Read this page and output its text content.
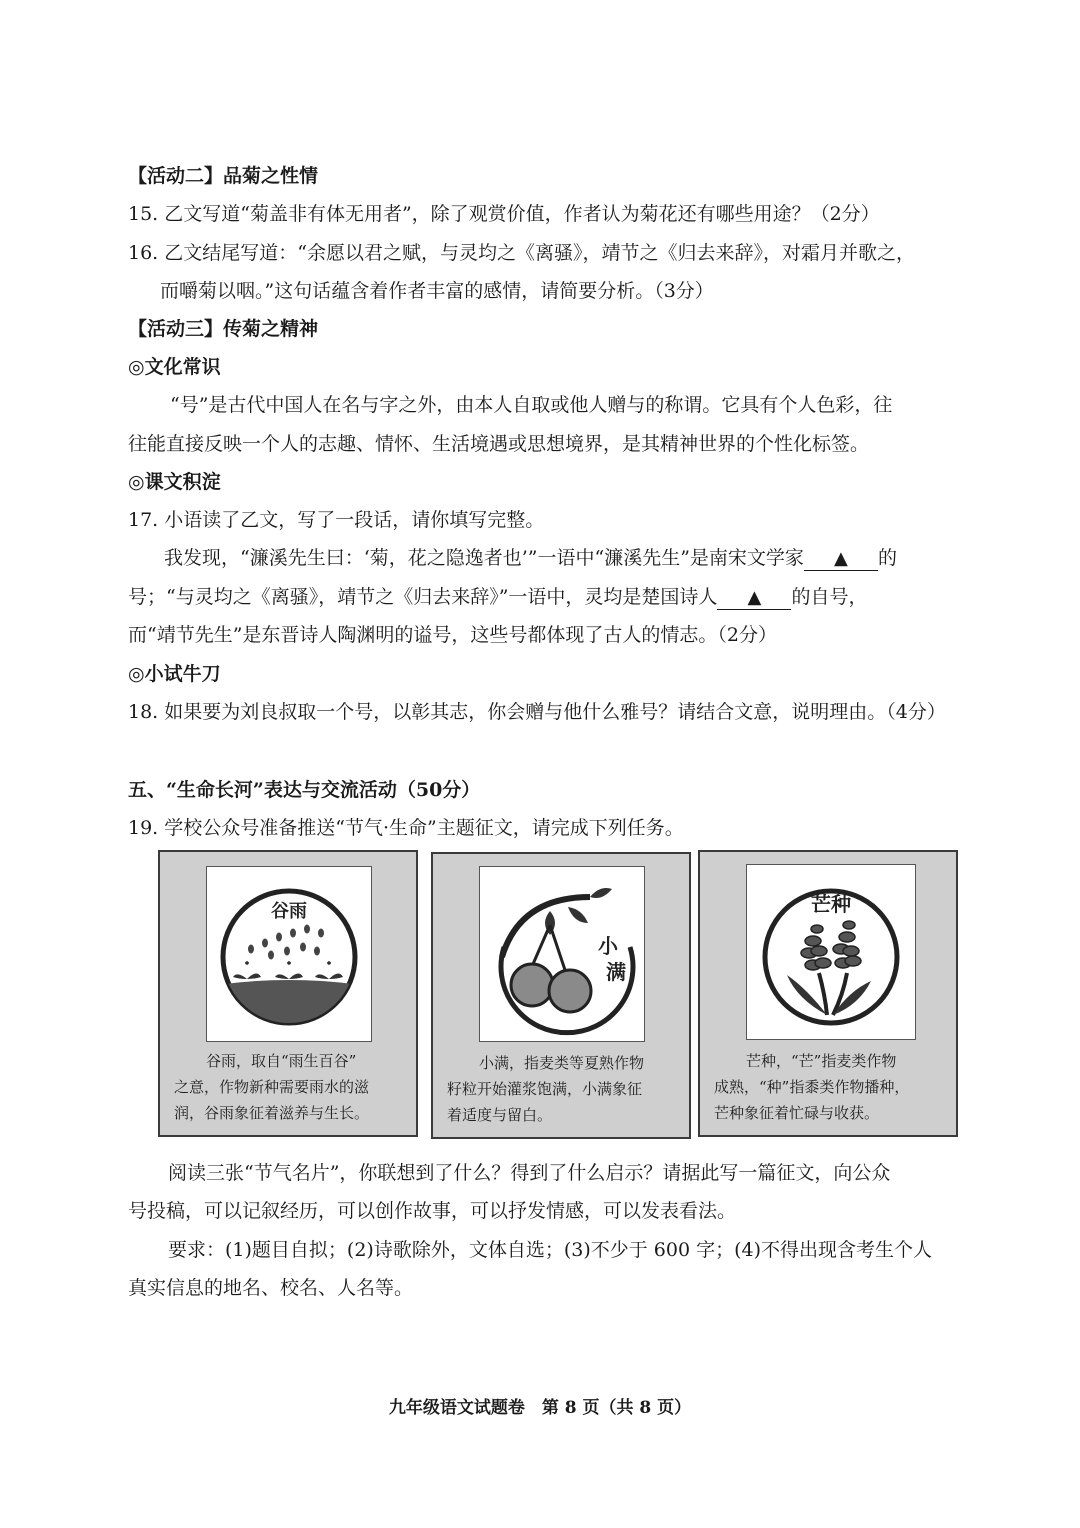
【活动二】品菊之性情
15. 乙文写道“菊盖非有体无用者”，除了观赏价值，作者认为菊花还有哪些用途？（2分）
16. 乙文结尾写道：“余愿以君之赋，与灵均之《离骚》，靖节之《归去来辞》，对霜月并歌之，
而嚼菊以咽。”这句话蕴含着作者丰富的感情，请简要分析。（3分）
【活动三】传菊之精神
◎文化常识
“号”是古代中国人在名与字之外，由本人自取或他人赠与的称谓。它具有个人色彩，往
往能直接反映一个人的志趣、情怀、生活境遇或思想境界，是其精神世界的个性化标签。
◎课文积淀
17. 小语读了乙文，写了一段话，请你填写完整。
我发现，“濂溪先生曰：‘菊，花之隐逸者也’”一语中“濂溪先生”是南宋文学家 ▲ 的
号；“与灵均之《离骚》，靖节之《归去来辞》”一语中，灵均是楚国诗人 ▲ 的自号，
而“靖节先生”是东晋诗人陶渊明的谥号，这些号都体现了古人的情志。（2分）
◎小试牛刀
18. 如果要为刘良叔取一个号，以彰其志，你会赠与他什么雅号？请结合文意，说明理由。（4分）
五、“生命长河”表达与交流活动（50分）
19. 学校公众号准备推送“节气·生命”主题征文，请完成下列任务。
谷雨
谷雨，取自“雨生百谷”
之意，作物新种需要雨水的滋
润，谷雨象征着滋养与生长。
小
满
小满，指麦类等夏熟作物
籽粒开始灌浆饱满，小满象征
着适度与留白。
芒种
芒种，“芒”指麦类作物
成熟，“种”指黍类作物播种，
芒种象征着忙碌与收获。
阅读三张“节气名片”，你联想到了什么？得到了什么启示？请据此写一篇征文，向公众
号投稿，可以记叙经历，可以创作故事，可以抒发情感，可以发表看法。
要求：(1)题目自拟；(2)诗歌除外，文体自选；(3)不少于 600 字；(4)不得出现含考生个人
真实信息的地名、校名、人名等。
九年级语文试题卷　第 8 页（共 8 页）
